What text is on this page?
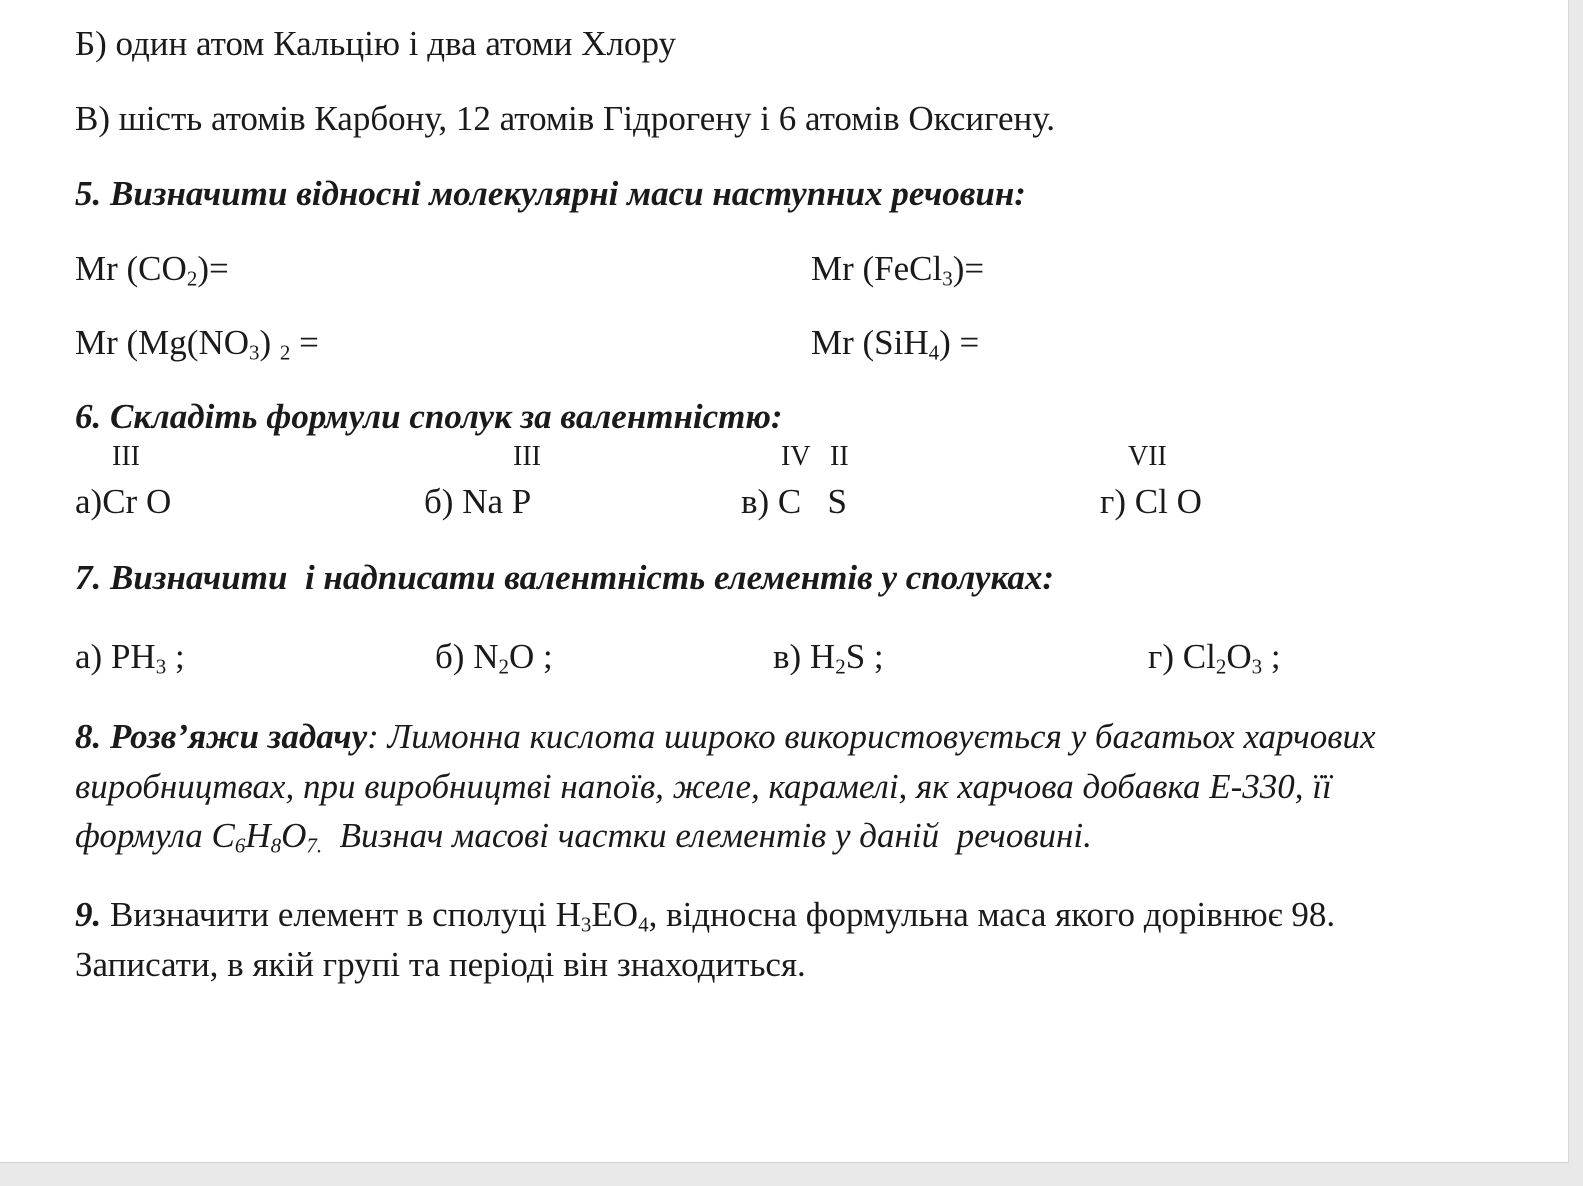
Б) один атом Кальцію і два атоми Хлору
В) шість атомів Карбону, 12 атомів Гідрогену і 6 атомів Оксигену.
5. Визначити відносні молекулярні маси наступних речовин:
Mr $(CO_2)=$	Mr (FeCl$_3$)=
Mr ($Mg(NO_3) _2$ =	Mr (SiH$_4$) =
6. Складіть формули сполук за валентністю:
III	III	IV II	VII
а)Cr O	б) Na P	в) C   S	г) Cl O
7. Визначити  і надписати валентність елементів у сполуках:
а) $PH_3$ ;	б) $N_2O$ ;	в) $H_2S$ ;	г) $Cl_2O_3$ ;
8. Розв’яжи задачу: Лимонна кислота широко використовується у багатьох харчових
виробництвах, при виробництві напоїв, желе, карамелі, як харчова добавка Е-330, її
формула $C_6H_8O_{7.}$  Визнач масові частки елементів у даній  речовині.
9. Визначити елемент в сполуці $H_3EO_4$, відносна формульна маса якого дорівнює 98.
Записати, в якій групі та періоді він знаходиться.
